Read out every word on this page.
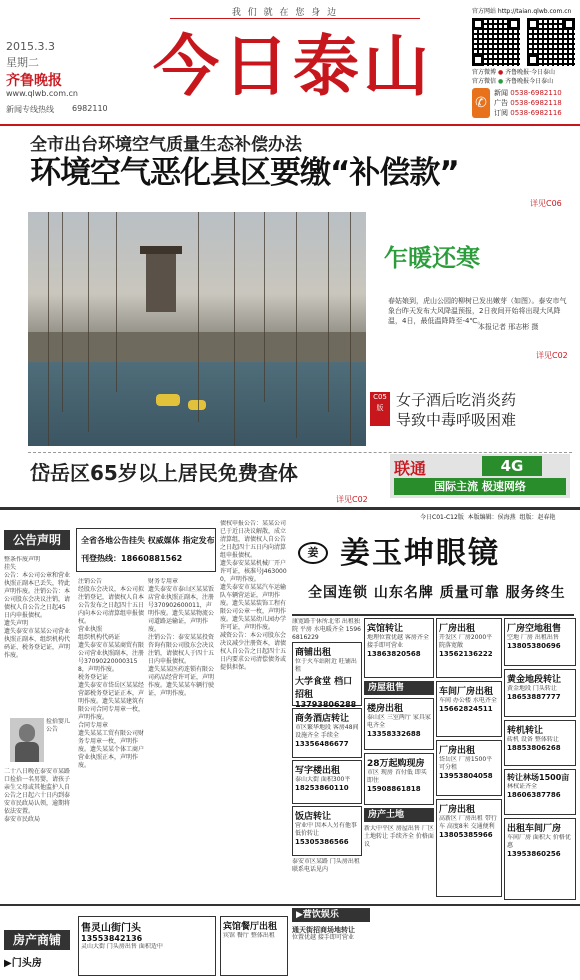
我 们 就 在 您 身 边
2015.3.3
星期二
齐鲁晚报
www.qlwb.com.cn
新闻专线热线 6982110
今日泰山
官方网站 http://taian.qlwb.com.cn
官方微博 ● 齐鲁晚报·今日泰山
官方微信 ● 齐鲁晚报今日泰山
✆
新闻 0538-6982110
广告 0538-6982118
订阅 0538-6982116
全市出台环境空气质量生态补偿办法
环境空气恶化县区要缴“补偿款”
详见C06
乍暖还寒
春姑娘到，虎山公园的柳树已发出嫩芽（如图）。泰安市气象台昨天发布大风降温预报，2日夜间开始将出现大风降温，4日，最低温降降至-4℃。
本报记者 邢志彬 摄
详见C02
C05版 女子酒后吃消炎药
导致中毒呼吸困难
岱岳区65岁以上居民免费查体
详见C02
联通	4G
国际主流 极速网络
今日C01-C12版 本版编辑：侯海燕 组版：赵春艳
公告声明	全省各地公告挂失 权威媒体 指定发布
刊登热线：18660881562
整条作废声明
挂失
公告：本公司公章和营业执照正副本已丢失，特此声明作废。注销公告：本公司股东会决议注销，请债权人自公告之日起45日内申报债权。
遗失声明
遗失泰安市某某公司营业执照正副本、组织机构代码证、税务登记证，声明作废。
捡拾婴儿公告
二十八日晚在泰安市某路口捡拾一名男婴，请孩子亲生父母或其他监护人自公告之日起六十日内到泰安市民政局认领，逾期将依法安置。
泰安市民政局
注销公告
经股东会决议，本公司拟注销登记，请债权人自本公告发布之日起四十五日内向本公司清算组申报债权。
营业执照
组织机构代码证
遗失泰安市某某商贸有限公司营业执照副本，注册号370902200003158，声明作废。
税务登记证
遗失泰安市岱岳区某某经营部税务登记证正本，声明作废。遗失某某建筑有限公司合同专用章一枚，声明作废。
合同专用章
遗失某某工贸有限公司财务专用章一枚，声明作废。遗失某某个体工商户营业执照正本，声明作废。
财务专用章
遗失泰安市泰山区某某饭店营业执照正副本，注册号370902600011，声明作废。遗失某某物流公司道路运输证，声明作废。
注销公告：泰安某某投资咨询有限公司股东会决议注销，请债权人于四十五日内申报债权。
遗失某某医药连锁有限公司药品经营许可证，声明作废。遗失某某车辆行驶证，声明作废。
债权申报公告：某某公司已于近日决议解散，成立清算组，请债权人自公告之日起四十五日内向清算组申报债权。
遗失泰安某某机械厂开户许可证，核准号J4630000，声明作废。
遗失泰安市某某汽车运输队车辆营运证，声明作废。遗失某某装饰工程有限公司公章一枚，声明作废。遗失某某幼儿园办学许可证，声明作废。
减资公告：本公司股东会决议减少注册资本，请债权人自公告之日起四十五日内要求公司清偿债务或提供担保。
姜 姜玉坤眼镜
全国连锁 山东名牌 质量可靠 服务终生
康宽路干休所北邻 出租独院 平房 水电暖齐全 15966816229
商铺出租
位于火车站附近 旺铺出租
大学食堂 档口招租
13793806288
商务酒店转让
市区繁华地段 客房48间 设施齐全 手续全
13356486677
写字楼出租
泰山大街 面积300平
18253860110
饭店转让
营业中 因本人另有他事 低价转让
15305386566
泰安市区某路 门头房出租 联系电话见内
宾馆转让
地理位置优越 客房齐全 接手即可营业
13863820568
房屋租售
楼房出租
泰山区 三室两厅 家具家电齐全
13358332688
28万起购现房
市区 现房 首付低 即买即住
15908861818
房产土地
新大中平区 房屋出售 厂区 土地转让 手续齐全 价格面议
厂房出租
开发区 厂房2000平 院落宽敞
13562136222
车间厂房出租
车间 办公楼 水电齐全
15662824511
厂房出租
岱岳区 厂房1500平 可分租
13953804058
厂房出租
高新区 厂房出租 带行车 高度8米 交通便利
13805385966
厂房空地租售
空地 厂房 出租出售
13805380696
黄金地段转让
黄金地段 门头转让
18653887777
转机转让
砖机 设备 整体转让
18853806268
转让林场1500亩
林权证齐全
18606387786
出租车间厂房
车间厂房 面积大 价格优惠
13953860256
房产商铺
▶门头房
售灵山街门头
13553842136
灵山大街 门头房出售 面积适中
宾馆餐厅出租
宾馆 餐厅 整体出租
▶营饮娱乐
通天街招商场地转让
位置优越 接手即可营业
